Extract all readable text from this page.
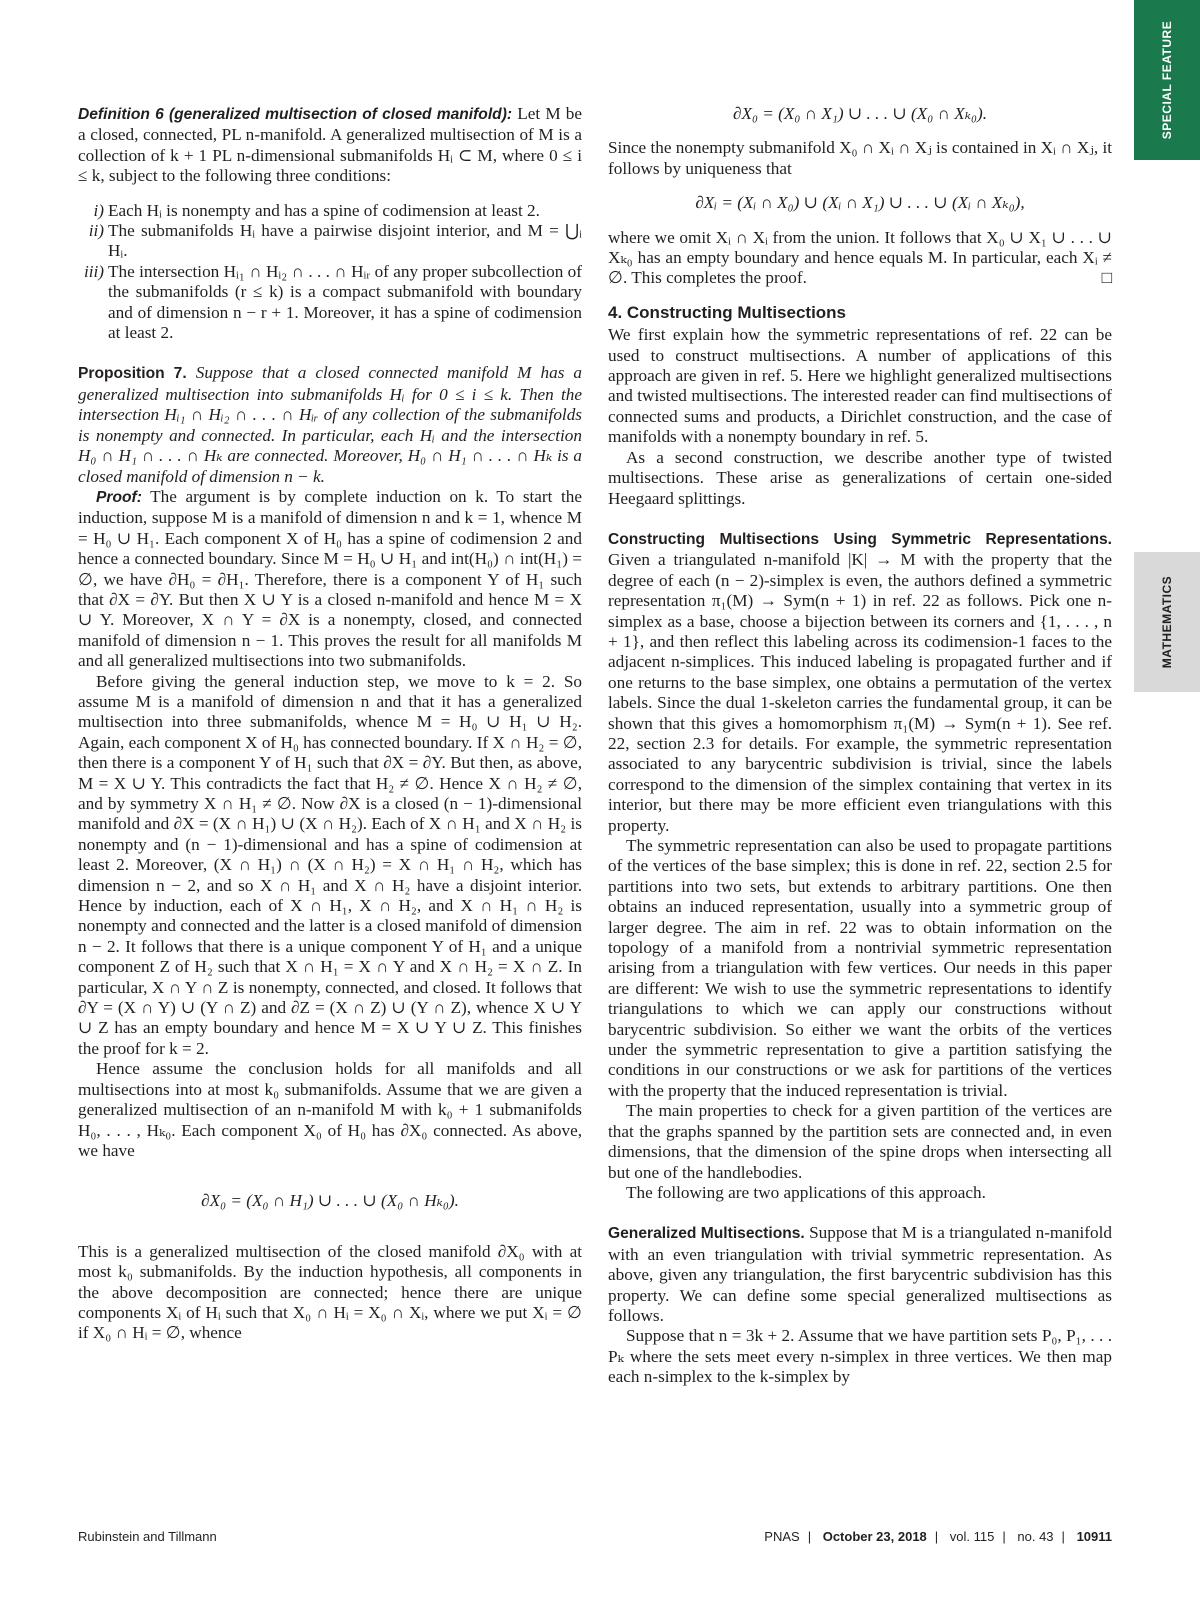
SPECIAL FEATURE
MATHEMATICS

Definition 6 (generalized multisection of closed manifold): Let M be a closed, connected, PL n-manifold. A generalized multisection of M is a collection of k + 1 PL n-dimensional submanifolds Hᵢ ⊂ M, where 0 ≤ i ≤ k, subject to the following three conditions:

i) Each Hᵢ is nonempty and has a spine of codimension at least 2.
ii) The submanifolds Hᵢ have a pairwise disjoint interior, and M = ⋃ᵢ Hᵢ.
iii) The intersection Hᵢ₁ ∩ Hᵢ₂ ∩ . . . ∩ Hᵢᵣ of any proper subcollection of the submanifolds (r ≤ k) is a compact submanifold with boundary and of dimension n − r + 1. Moreover, it has a spine of codimension at least 2.

Proposition 7. Suppose that a closed connected manifold M has a generalized multisection into submanifolds Hᵢ for 0 ≤ i ≤ k. Then the intersection Hᵢ₁ ∩ Hᵢ₂ ∩ . . . ∩ Hᵢᵣ of any collection of the submanifolds is nonempty and connected. In particular, each Hᵢ and the intersection H₀ ∩ H₁ ∩ . . . ∩ Hₖ are connected. Moreover, H₀ ∩ H₁ ∩ . . . ∩ Hₖ is a closed manifold of dimension n − k.

Proof: The argument is by complete induction on k. To start the induction, suppose M is a manifold of dimension n and k = 1, whence M = H₀ ∪ H₁. Each component X of H₀ has a spine of codimension 2 and hence a connected boundary. Since M = H₀ ∪ H₁ and int(H₀) ∩ int(H₁) = ∅, we have ∂H₀ = ∂H₁. Therefore, there is a component Y of H₁ such that ∂X = ∂Y. But then X ∪ Y is a closed n-manifold and hence M = X ∪ Y. Moreover, X ∩ Y = ∂X is a nonempty, closed, and connected manifold of dimension n − 1. This proves the result for all manifolds M and all generalized multisections into two submanifolds.

Before giving the general induction step, we move to k = 2. So assume M is a manifold of dimension n and that it has a generalized multisection into three submanifolds, whence M = H₀ ∪ H₁ ∪ H₂. Again, each component X of H₀ has connected boundary. If X ∩ H₂ = ∅, then there is a component Y of H₁ such that ∂X = ∂Y. But then, as above, M = X ∪ Y. This contradicts the fact that H₂ ≠ ∅. Hence X ∩ H₂ ≠ ∅, and by symmetry X ∩ H₁ ≠ ∅. Now ∂X is a closed (n − 1)-dimensional manifold and ∂X = (X ∩ H₁) ∪ (X ∩ H₂). Each of X ∩ H₁ and X ∩ H₂ is nonempty and (n − 1)-dimensional and has a spine of codimension at least 2. Moreover, (X ∩ H₁) ∩ (X ∩ H₂) = X ∩ H₁ ∩ H₂, which has dimension n − 2, and so X ∩ H₁ and X ∩ H₂ have a disjoint interior. Hence by induction, each of X ∩ H₁, X ∩ H₂, and X ∩ H₁ ∩ H₂ is nonempty and connected and the latter is a closed manifold of dimension n − 2. It follows that there is a unique component Y of H₁ and a unique component Z of H₂ such that X ∩ H₁ = X ∩ Y and X ∩ H₂ = X ∩ Z. In particular, X ∩ Y ∩ Z is nonempty, connected, and closed. It follows that ∂Y = (X ∩ Y) ∪ (Y ∩ Z) and ∂Z = (X ∩ Z) ∪ (Y ∩ Z), whence X ∪ Y ∪ Z has an empty boundary and hence M = X ∪ Y ∪ Z. This finishes the proof for k = 2.

Hence assume the conclusion holds for all manifolds and all multisections into at most k₀ submanifolds. Assume that we are given a generalized multisection of an n-manifold M with k₀ + 1 submanifolds H₀, . . . , Hₖ₀. Each component X₀ of H₀ has ∂X₀ connected. As above, we have

∂X₀ = (X₀ ∩ H₁) ∪ . . . ∪ (X₀ ∩ Hₖ₀).

This is a generalized multisection of the closed manifold ∂X₀ with at most k₀ submanifolds. By the induction hypothesis, all components in the above decomposition are connected; hence there are unique components Xᵢ of Hᵢ such that X₀ ∩ Hᵢ = X₀ ∩ Xᵢ, where we put Xᵢ = ∅ if X₀ ∩ Hᵢ = ∅, whence

∂X₀ = (X₀ ∩ X₁) ∪ . . . ∪ (X₀ ∩ Xₖ₀).

Since the nonempty submanifold X₀ ∩ Xᵢ ∩ Xⱼ is contained in Xᵢ ∩ Xⱼ, it follows by uniqueness that

∂Xᵢ = (Xᵢ ∩ X₀) ∪ (Xᵢ ∩ X₁) ∪ . . . ∪ (Xᵢ ∩ Xₖ₀),

where we omit Xᵢ ∩ Xᵢ from the union. It follows that X₀ ∪ X₁ ∪ . . . ∪ Xₖ₀ has an empty boundary and hence equals M. In particular, each Xᵢ ≠ ∅. This completes the proof.	□

4. Constructing Multisections

We first explain how the symmetric representations of ref. 22 can be used to construct multisections. A number of applications of this approach are given in ref. 5. Here we highlight generalized multisections and twisted multisections. The interested reader can find multisections of connected sums and products, a Dirichlet construction, and the case of manifolds with a nonempty boundary in ref. 5.

As a second construction, we describe another type of twisted multisections. These arise as generalizations of certain one-sided Heegaard splittings.

Constructing Multisections Using Symmetric Representations. Given a triangulated n-manifold |K| → M with the property that the degree of each (n − 2)-simplex is even, the authors defined a symmetric representation π₁(M) → Sym(n + 1) in ref. 22 as follows. Pick one n-simplex as a base, choose a bijection between its corners and {1, . . . , n + 1}, and then reflect this labeling across its codimension-1 faces to the adjacent n-simplices. This induced labeling is propagated further and if one returns to the base simplex, one obtains a permutation of the vertex labels. Since the dual 1-skeleton carries the fundamental group, it can be shown that this gives a homomorphism π₁(M) → Sym(n + 1). See ref. 22, section 2.3 for details. For example, the symmetric representation associated to any barycentric subdivision is trivial, since the labels correspond to the dimension of the simplex containing that vertex in its interior, but there may be more efficient even triangulations with this property.

The symmetric representation can also be used to propagate partitions of the vertices of the base simplex; this is done in ref. 22, section 2.5 for partitions into two sets, but extends to arbitrary partitions. One then obtains an induced representation, usually into a symmetric group of larger degree. The aim in ref. 22 was to obtain information on the topology of a manifold from a nontrivial symmetric representation arising from a triangulation with few vertices. Our needs in this paper are different: We wish to use the symmetric representations to identify triangulations to which we can apply our constructions without barycentric subdivision. So either we want the orbits of the vertices under the symmetric representation to give a partition satisfying the conditions in our constructions or we ask for partitions of the vertices with the property that the induced representation is trivial.

The main properties to check for a given partition of the vertices are that the graphs spanned by the partition sets are connected and, in even dimensions, that the dimension of the spine drops when intersecting all but one of the handlebodies.

The following are two applications of this approach.

Generalized Multisections. Suppose that M is a triangulated n-manifold with an even triangulation with trivial symmetric representation. As above, given any triangulation, the first barycentric subdivision has this property. We can define some special generalized multisections as follows.

Suppose that n = 3k + 2. Assume that we have partition sets P₀, P₁, . . . Pₖ where the sets meet every n-simplex in three vertices. We then map each n-simplex to the k-simplex by

Rubinstein and Tillmann	PNAS | October 23, 2018 | vol. 115 | no. 43 | 10911
